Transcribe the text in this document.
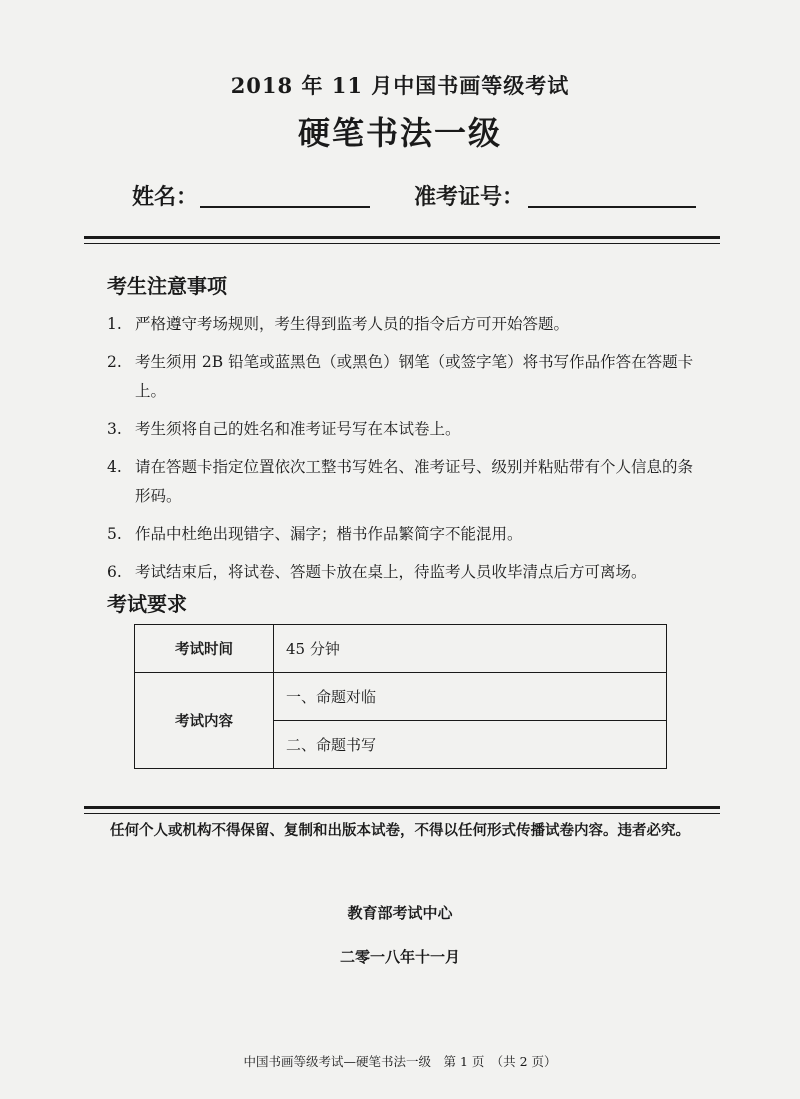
2018 年 11 月中国书画等级考试
硬笔书法一级
姓名：	准考证号：
考生注意事项
1. 严格遵守考场规则，考生得到监考人员的指令后方可开始答题。
2. 考生须用 2B 铅笔或蓝黑色（或黑色）钢笔（或签字笔）将书写作品作答在答题卡上。
3. 考生须将自己的姓名和准考证号写在本试卷上。
4. 请在答题卡指定位置依次工整书写姓名、准考证号、级别并粘贴带有个人信息的条形码。
5. 作品中杜绝出现错字、漏字；楷书作品繁简字不能混用。
6. 考试结束后，将试卷、答题卡放在桌上，待监考人员收毕清点后方可离场。
考试要求
考试时间	45 分钟
考试内容	一、命题对临
	二、命题书写
任何个人或机构不得保留、复制和出版本试卷，不得以任何形式传播试卷内容。违者必究。
教育部考试中心
二零一八年十一月
中国书画等级考试—硬笔书法一级　第 1 页　（共 2 页）
